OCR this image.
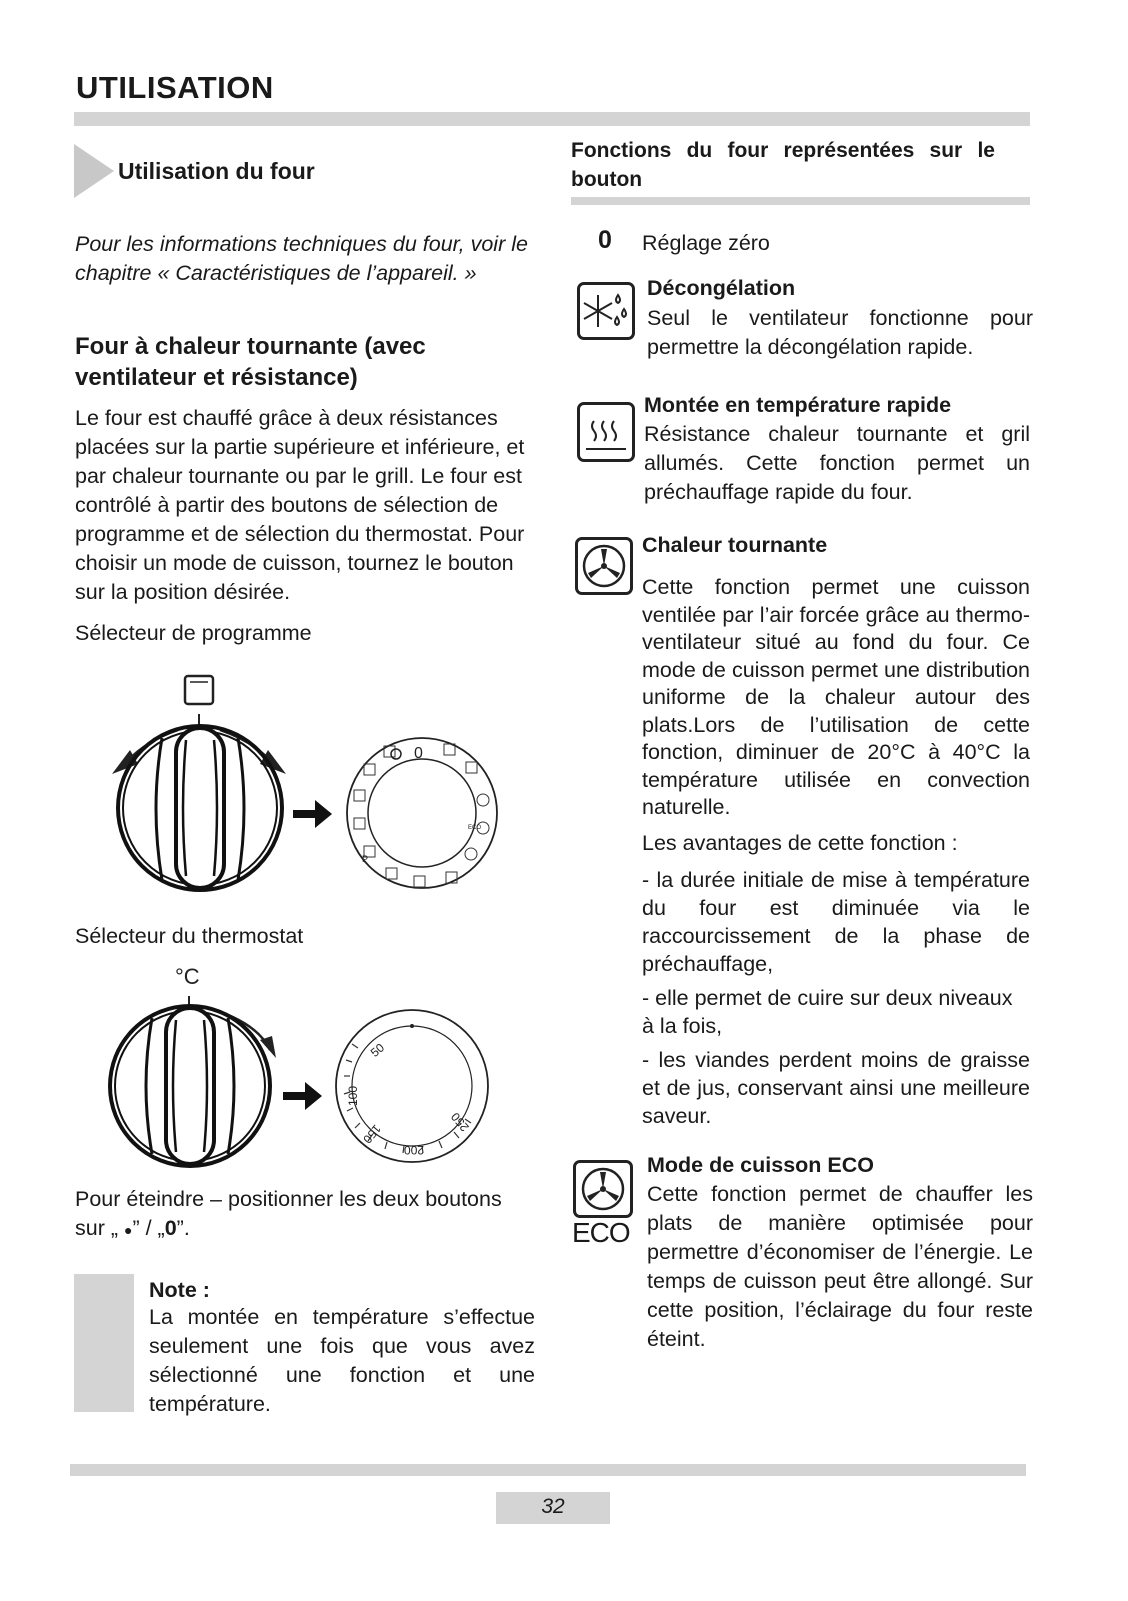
UTILISATION
Utilisation du four
Pour les informations techniques du four, voir le chapitre « Caractéristiques de l’appareil. »
Four à chaleur tournante (avec ventilateur et résistance)
Le four est chauffé grâce à deux résistances placées sur la partie supérieure et inférieure, et par chaleur tournante ou par le grill. Le four est contrôlé à partir des boutons de sélection de programme et de sélection du thermostat. Pour choisir un mode de cuisson, tournez le bouton sur la position désirée.
Sélecteur de programme
0
P
ECO
Sélecteur du thermostat
°C
50
100
150
200
250
Pour éteindre – positionner les deux boutons sur „ ●” / „0”.
Note :
La montée en température s’effectue seulement une fois que vous avez sélectionné une fonction et une température.
Fonctions du four représentées sur le bouton
0 Réglage zéro
Décongélation
Seul le ventilateur fonctionne pour permettre la décongélation rapide.
Montée en température rapide
Résistance chaleur tournante et gril allumés. Cette fonction permet un préchauffage rapide du four.
Chaleur tournante
Cette fonction permet une cuisson ventilée par l’air forcée grâce au thermo-ventilateur situé au fond du four. Ce mode de cuisson permet une distribution uniforme de la chaleur autour des plats.Lors de l’utilisation de cette fonction, diminuer de 20°C à 40°C la température utilisée en convection naturelle.
Les avantages de cette fonction :
- la durée initiale de mise à température du four est diminuée via le raccourcissement de la phase de préchauffage,
- elle permet de cuire sur deux niveaux à la fois,
- les viandes perdent moins de graisse et de jus, conservant ainsi une meilleure saveur.
ECO
Mode de cuisson ECO
Cette fonction permet de chauffer les plats de manière optimisée pour permettre d’économiser de l’énergie. Le temps de cuisson peut être allongé. Sur cette position, l’éclairage du four reste éteint.
32
